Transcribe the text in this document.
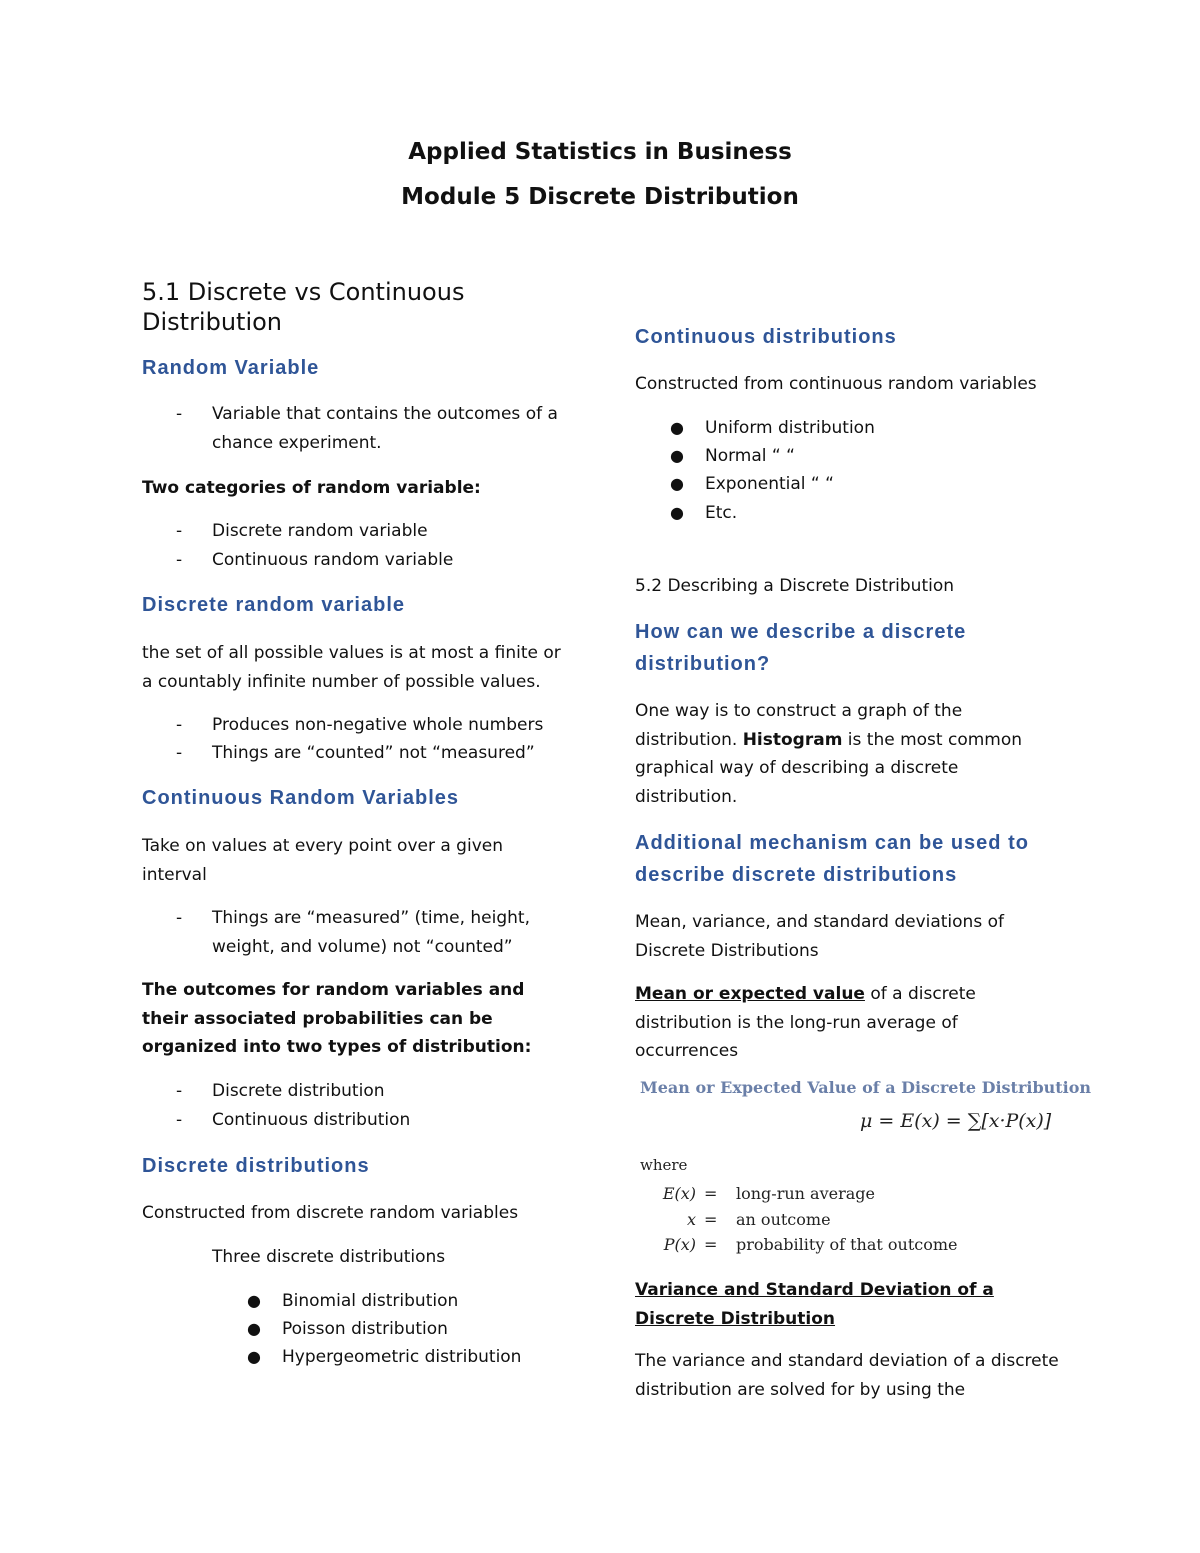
Applied Statistics in Business
Module 5 Discrete Distribution
5.1 Discrete vs Continuous Distribution
Random Variable
- Variable that contains the outcomes of a chance experiment.
Two categories of random variable:
- Discrete random variable
- Continuous random variable
Discrete random variable
the set of all possible values is at most a finite or a countably infinite number of possible values.
- Produces non-negative whole numbers
- Things are “counted” not “measured”
Continuous Random Variables
Take on values at every point over a given interval
- Things are “measured” (time, height, weight, and volume) not “counted”
The outcomes for random variables and their associated probabilities can be organized into two types of distribution:
- Discrete distribution
- Continuous distribution
Discrete distributions
Constructed from discrete random variables
Three discrete distributions
● Binomial distribution
● Poisson distribution
● Hypergeometric distribution
Continuous distributions
Constructed from continuous random variables
● Uniform distribution
● Normal “ “
● Exponential “ “
● Etc.
5.2 Describing a Discrete Distribution
How can we describe a discrete distribution?
One way is to construct a graph of the distribution. Histogram is the most common graphical way of describing a discrete distribution.
Additional mechanism can be used to describe discrete distributions
Mean, variance, and standard deviations of Discrete Distributions
Mean or expected value of a discrete distribution is the long-run average of occurrences
Mean or Expected Value of a Discrete Distribution
μ = E(x) = ∑[x·P(x)]
where
E(x) = long-run average
x = an outcome
P(x) = probability of that outcome
Variance and Standard Deviation of a Discrete Distribution
The variance and standard deviation of a discrete distribution are solved for by using the
